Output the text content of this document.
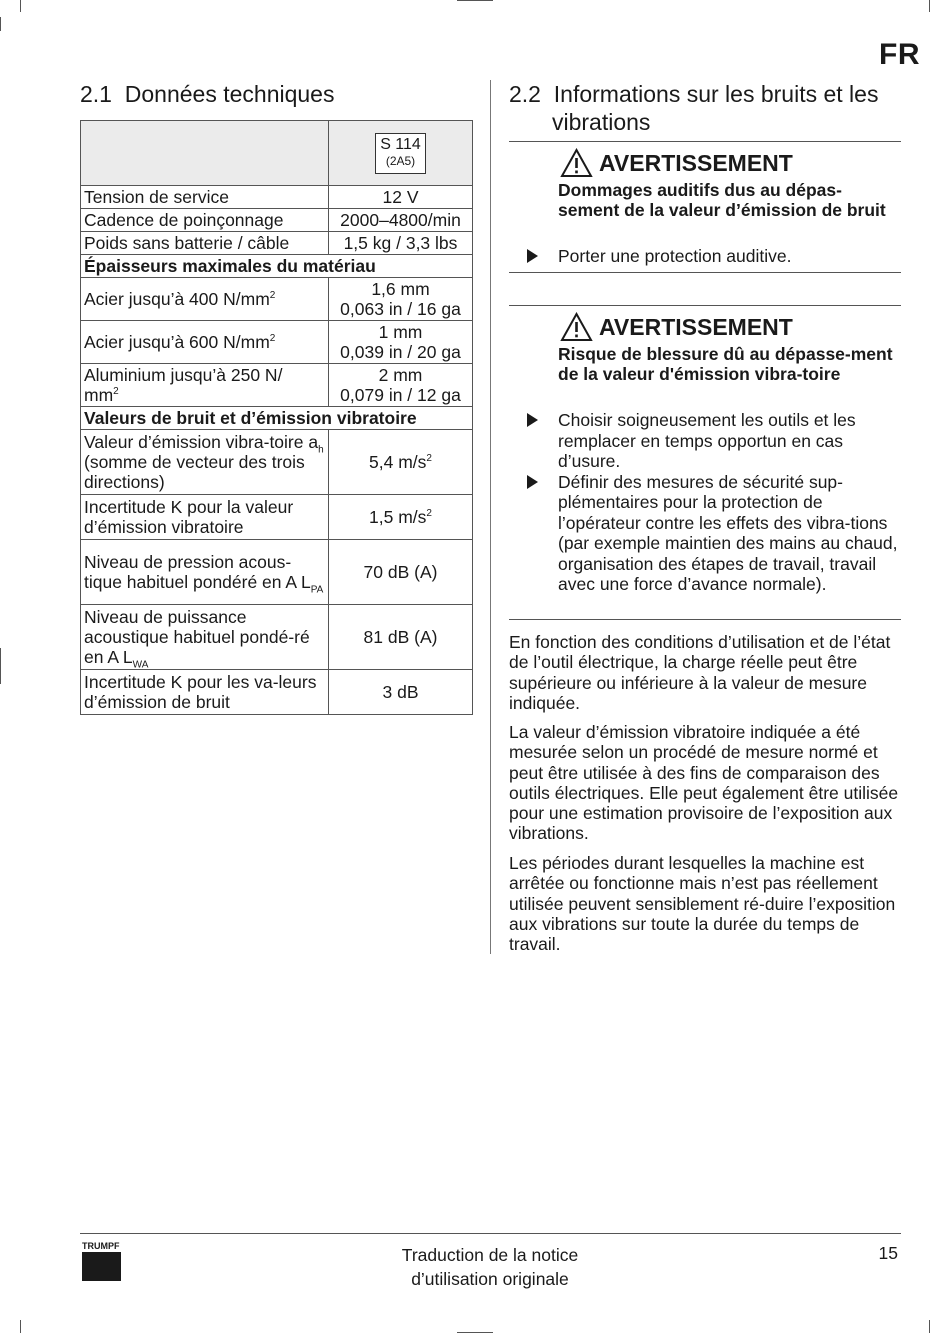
FR
2.1 Données techniques

	S 114
(2A5)

Tension de service	12 V
Cadence de poinçonnage	2000–4800/min
Poids sans batterie / câble	1,5 kg / 3,3 lbs
Épaisseurs maximales du matériau	
Acier jusqu’à 400 $N/mm^2$	1,6 mm
0,063 in / 16 ga
Acier jusqu’à 600 $N/mm^2$	1 mm
0,039 in / 20 ga
Aluminium jusqu’à 250 N/
$mm^2$	2 mm
0,079 in / 12 ga
Valeurs de bruit et d’émission vibratoire	
Valeur d’émission vibra-toire $a_h$ (somme de vecteur des trois directions)	5,4 $m/s^2$
Incertitude K pour la valeur d’émission vibratoire	1,5 $m/s^2$
Niveau de pression acous-tique habituel pondéré en A $L_{PA}$	70 dB (A)
Niveau de puissance acoustique habituel pondé-ré en A $L_{WA}$	81 dB (A)
Incertitude K pour les va-leurs d’émission de bruit	3 dB
2.2 Informations sur les bruits et les
vibrations
AVERTISSEMENT
Dommages auditifs dus au dépas-sement de la valeur d’émission de bruit
Porter une protection auditive.
AVERTISSEMENT
Risque de blessure dû au dépasse-ment de la valeur d'émission vibra-toire
Choisir soigneusement les outils et les remplacer en temps opportun en cas d’usure.
Définir des mesures de sécurité sup-plémentaires pour la protection de l’opérateur contre les effets des vibra-tions (par exemple maintien des mains au chaud, organisation des étapes de travail, travail avec une force d’avance normale).

En fonction des conditions d’utilisation et de l’état de l’outil électrique, la charge réelle peut être supérieure ou inférieure à la valeur de mesure indiquée.

La valeur d’émission vibratoire indiquée a été mesurée selon un procédé de mesure normé et peut être utilisée à des fins de comparaison des outils électriques. Elle peut également être utilisée pour une estimation provisoire de l’exposition aux vibrations.

Les périodes durant lesquelles la machine est arrêtée ou fonctionne mais n’est pas réellement utilisée peuvent sensiblement ré-duire l’exposition aux vibrations sur toute la durée du temps de travail.

TRUMPF	Traduction de la notice
d’utilisation originale
15
